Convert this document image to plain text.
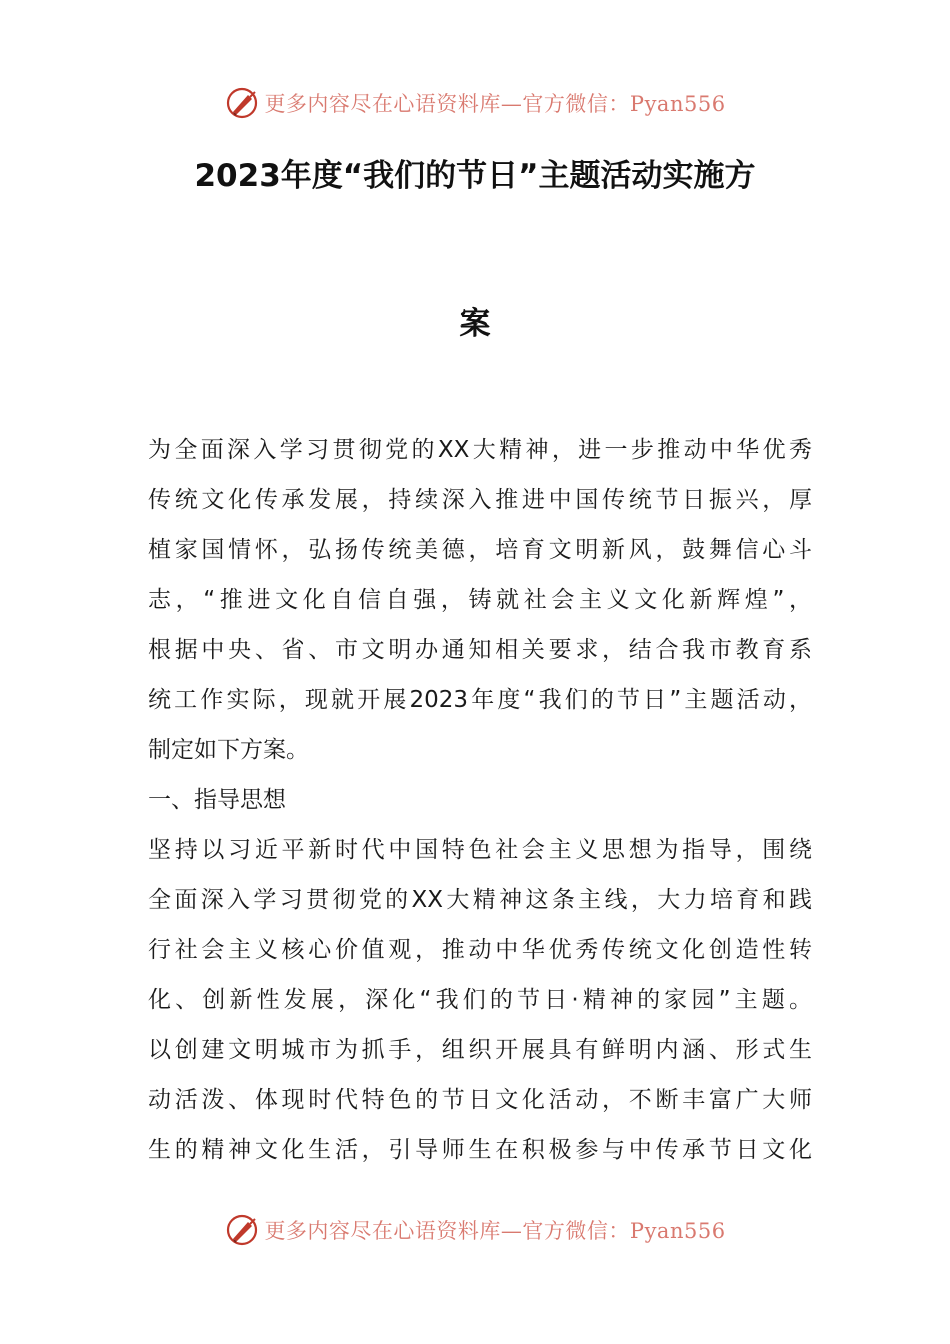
更多内容尽在心语资料库—官方微信：Pyan556
2023年度“我们的节日”主题活动实施方
案
为全面深入学习贯彻党的XX大精神，进一步推动中华优秀
传统文化传承发展，持续深入推进中国传统节日振兴，厚
植家国情怀，弘扬传统美德，培育文明新风，鼓舞信心斗
志，“推进文化自信自强，铸就社会主义文化新辉煌”，
根据中央、省、市文明办通知相关要求，结合我市教育系
统工作实际，现就开展2023年度“我们的节日”主题活动，
制定如下方案。
一、指导思想
坚持以习近平新时代中国特色社会主义思想为指导，围绕
全面深入学习贯彻党的XX大精神这条主线，大力培育和践
行社会主义核心价值观，推动中华优秀传统文化创造性转
化、创新性发展，深化“我们的节日·精神的家园”主题。
以创建文明城市为抓手，组织开展具有鲜明内涵、形式生
动活泼、体现时代特色的节日文化活动，不断丰富广大师
生的精神文化生活，引导师生在积极参与中传承节日文化
更多内容尽在心语资料库—官方微信：Pyan556
